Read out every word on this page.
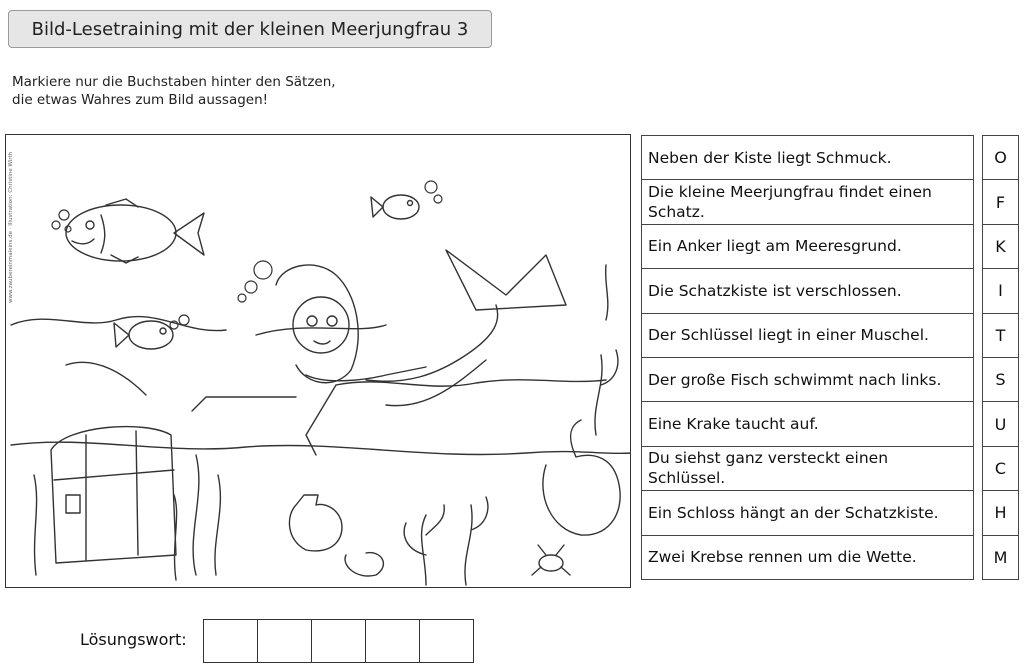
Bild-Lesetraining mit der kleinen Meerjungfrau 3
Markiere nur die Buchstaben hinter den Sätzen,
die etwas Wahres zum Bild aussagen!
www.zaubereinmaleins.de · Illustration: Christine Wirth	Neben der Kiste liegt Schmuck.
Die kleine Meerjungfrau findet einen Schatz.
Ein Anker liegt am Meeresgrund.
Die Schatzkiste ist verschlossen.
Der Schlüssel liegt in einer Muschel.
Der große Fisch schwimmt nach links.
Eine Krake taucht auf.
Du siehst ganz versteckt einen Schlüssel.
Ein Schloss hängt an der Schatzkiste.
Zwei Krebse rennen um die Wette.
O
F
K
I
T
S
U
C
H
M
Lösungswort:
